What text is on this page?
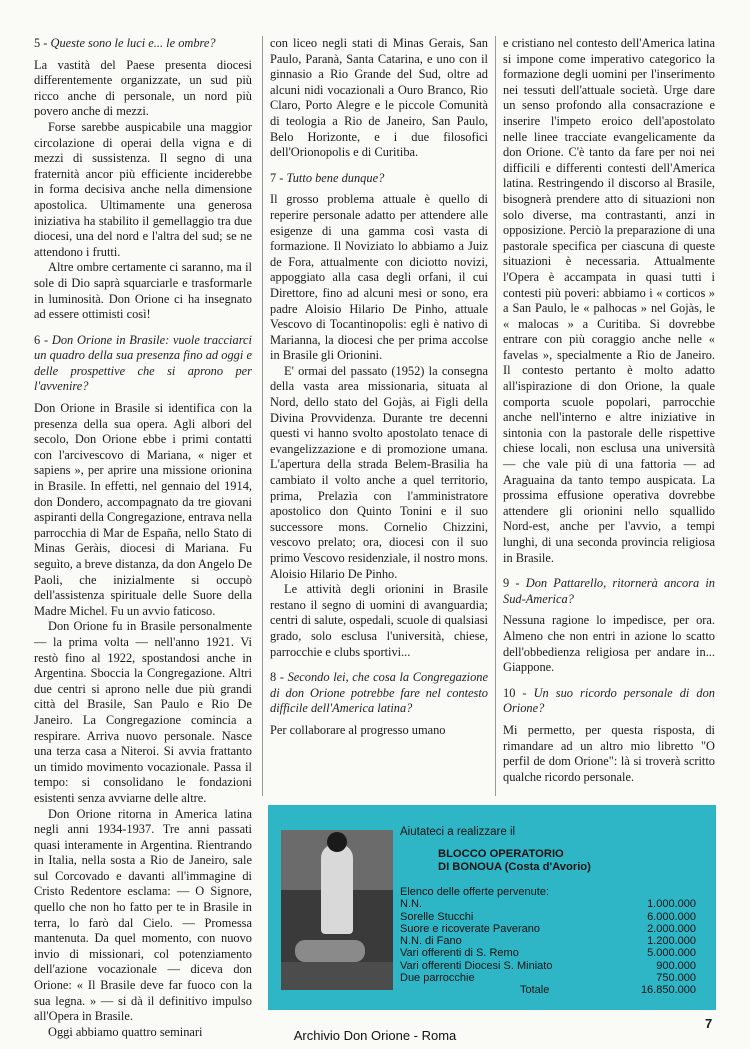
5 - Queste sono le luci e... le ombre?

La vastità del Paese presenta diocesi differentemente organizzate, un sud più ricco anche di personale, un nord più povero anche di mezzi.

Forse sarebbe auspicabile una maggior circolazione di operai della vigna e di mezzi di sussistenza. Il segno di una fraternità ancor più efficiente inciderebbe in forma decisiva anche nella dimensione apostolica. Ultimamente una generosa iniziativa ha stabilito il gemellaggio tra due diocesi, una del nord e l'altra del sud; se ne attendono i frutti.

Altre ombre certamente ci saranno, ma il sole di Dio saprà squarciarle e trasformarle in luminosità. Don Orione ci ha insegnato ad essere ottimisti così!

6 - Don Orione in Brasile: vuole tracciarci un quadro della sua presenza fino ad oggi e delle prospettive che si aprono per l'avvenire?

Don Orione in Brasile si identifica con la presenza della sua opera. Agli albori del secolo, Don Orione ebbe i primi contatti con l'arcivescovo di Mariana, « niger et sapiens », per aprire una missione orionina in Brasile. In effetti, nel gennaio del 1914, don Dondero, accompagnato da tre giovani aspiranti della Congregazione, entrava nella parrocchia di Mar de España, nello Stato di Minas Geràis, diocesi di Mariana. Fu seguìto, a breve distanza, da don Angelo De Paoli, che inizialmente si occupò dell'assistenza spirituale delle Suore della Madre Michel. Fu un avvio faticoso.

Don Orione fu in Brasile personalmente — la prima volta — nell'anno 1921. Vi restò fino al 1922, spostandosi anche in Argentina. Sboccia la Congregazione. Altri due centri si aprono nelle due più grandi città del Brasile, San Paulo e Rio De Janeiro. La Congregazione comincia a respirare. Arriva nuovo personale. Nasce una terza casa a Niteroi. Si avvia frattanto un timido movimento vocazionale. Passa il tempo: si consolidano le fondazioni esistenti senza avviarne delle altre.

Don Orione ritorna in America latina negli anni 1934-1937. Tre anni passati quasi interamente in Argentina. Rientrando in Italia, nella sosta a Rio de Janeiro, sale sul Corcovado e davanti all'immagine di Cristo Redentore esclama: — O Signore, quello che non ho fatto per te in Brasile in terra, lo farò dal Cielo. — Promessa mantenuta. Da quel momento, con nuovo invio di missionari, col potenziamento dell'azione vocazionale — diceva don Orione: « Il Brasile deve far fuoco con la sua legna. » — si dà il definitivo impulso all'Opera in Brasile.

Oggi abbiamo quattro seminari

con liceo negli stati di Minas Gerais, San Paulo, Paranà, Santa Catarina, e uno con il ginnasio a Rio Grande del Sud, oltre ad alcuni nidi vocazionali a Ouro Branco, Rio Claro, Porto Alegre e le piccole Comunità di teologia a Rio de Janeiro, San Paulo, Belo Horizonte, e i due filosofici dell'Orionopolis e di Curitiba.

7 - Tutto bene dunque?

Il grosso problema attuale è quello di reperire personale adatto per attendere alle esigenze di una gamma così vasta di formazione. Il Noviziato lo abbiamo a Juiz de Fora, attualmente con diciotto novizi, appoggiato alla casa degli orfani, il cui Direttore, fino ad alcuni mesi or sono, era padre Aloisio Hilario De Pinho, attuale Vescovo di Tocantinopolis: egli è nativo di Marianna, la diocesi che per prima accolse in Brasile gli Orionini.

E' ormai del passato (1952) la consegna della vasta area missionaria, situata al Nord, dello stato del Gojàs, ai Figli della Divina Provvidenza. Durante tre decenni questi vi hanno svolto apostolato tenace di evangelizzazione e di promozione umana. L'apertura della strada Belem-Brasilia ha cambiato il volto anche a quel territorio, prima, Prelazìa con l'amministratore apostolico don Quinto Tonini e il suo successore mons. Cornelio Chizzini, vescovo prelato; ora, diocesi con il suo primo Vescovo residenziale, il nostro mons. Aloisio Hilario De Pinho.

Le attività degli orionini in Brasile restano il segno di uomini di avanguardia; centri di salute, ospedali, scuole di qualsiasi grado, solo esclusa l'università, chiese, parrocchie e clubs sportivi...

8 - Secondo lei, che cosa la Congregazione di don Orione potrebbe fare nel contesto difficile dell'America latina?

Per collaborare al progresso umano

e cristiano nel contesto dell'America latina si impone come imperativo categorico la formazione degli uomini per l'inserimento nei tessuti dell'attuale società. Urge dare un senso profondo alla consacrazione e inserire l'impeto eroico dell'apostolato nelle linee tracciate evangelicamente da don Orione. C'è tanto da fare per noi nei difficili e differenti contesti dell'America latina. Restringendo il discorso al Brasile, bisognerà prendere atto di situazioni non solo diverse, ma contrastanti, anzi in opposizione. Perciò la preparazione di una pastorale specifica per ciascuna di queste situazioni è necessaria. Attualmente l'Opera è accampata in quasi tutti i contesti più poveri: abbiamo i « corticos » a San Paulo, le « palhocas » nel Gojàs, le « malocas » a Curitiba. Si dovrebbe entrare con più coraggio anche nelle « favelas », specialmente a Rio de Janeiro. Il contesto pertanto è molto adatto all'ispirazione di don Orione, la quale comporta scuole popolari, parrocchie anche nell'interno e altre iniziative in sintonia con la pastorale delle rispettive chiese locali, non esclusa una università — che vale più di una fattoria — ad Araguaina da tanto tempo auspicata. La prossima effusione operativa dovrebbe attendere gli orionini nello squallido Nord-est, anche per l'avvio, a tempi lunghi, di una seconda provincia religiosa in Brasile.

9 - Don Pattarello, ritornerà ancora in Sud-America?

Nessuna ragione lo impedisce, per ora. Almeno che non entri in azione lo scatto dell'obbedienza religiosa per andare in... Giappone.

10 - Un suo ricordo personale di don Orione?

Mi permetto, per questa risposta, di rimandare ad un altro mio libretto "O perfil de dom Orione": là si troverà scritto qualche ricordo personale.

Aiutateci a realizzare il
BLOCCO OPERATORIO
DI BONOUA (Costa d'Avorio)
Elenco delle offerte pervenute:
N.N.	1.000.000
Sorelle Stucchi	6.000.000
Suore e ricoverate Paverano	2.000.000
N.N. di Fano	1.200.000
Vari offerenti di S. Remo	5.000.000
Vari offerenti Diocesi S. Miniato	900.000
Due parrocchie	750.000
Totale	16.850.000
7
Archivio Don Orione - Roma
